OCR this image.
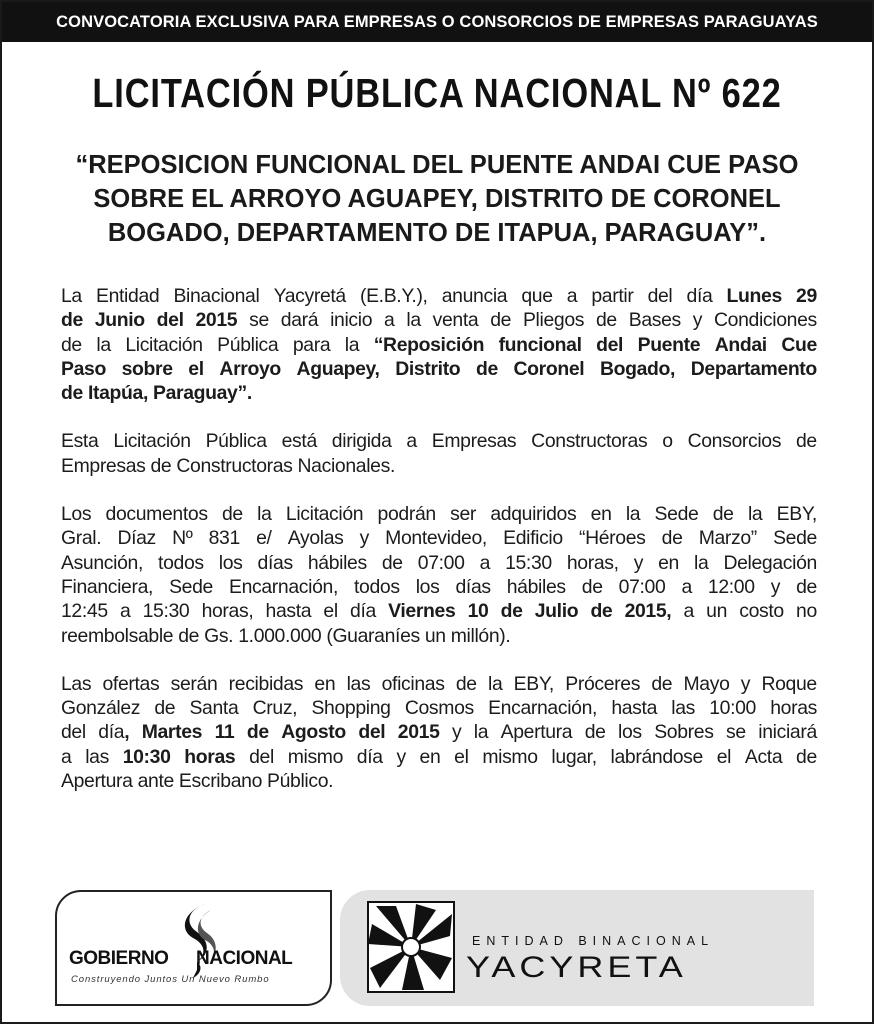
CONVOCATORIA EXCLUSIVA PARA EMPRESAS O CONSORCIOS DE EMPRESAS PARAGUAYAS
LICITACIÓN PÚBLICA NACIONAL Nº 622
“REPOSICION FUNCIONAL DEL PUENTE ANDAI CUE PASO
SOBRE EL ARROYO AGUAPEY, DISTRITO DE CORONEL
BOGADO, DEPARTAMENTO DE ITAPUA, PARAGUAY”.
La Entidad Binacional Yacyretá (E.B.Y.), anuncia que a partir del día Lunes 29
de Junio del 2015 se dará inicio a la venta de Pliegos de Bases y Condiciones
de la Licitación Pública para la “Reposición funcional del Puente Andai Cue
Paso sobre el Arroyo Aguapey, Distrito de Coronel Bogado, Departamento
de Itapúa, Paraguay”.
Esta Licitación Pública está dirigida a Empresas Constructoras o Consorcios de
Empresas de Constructoras Nacionales.
Los documentos de la Licitación podrán ser adquiridos en la Sede de la EBY,
Gral. Díaz Nº 831 e/ Ayolas y Montevideo, Edificio “Héroes de Marzo” Sede
Asunción, todos los días hábiles de 07:00 a 15:30 horas, y en la Delegación
Financiera, Sede Encarnación, todos los días hábiles de 07:00 a 12:00 y de
12:45 a 15:30 horas, hasta el día Viernes 10 de Julio de 2015, a un costo no
reembolsable de Gs. 1.000.000 (Guaraníes un millón).
Las ofertas serán recibidas en las oficinas de la EBY, Próceres de Mayo y Roque
González de Santa Cruz, Shopping Cosmos Encarnación, hasta las 10:00 horas
del día, Martes 11 de Agosto del 2015 y la Apertura de los Sobres se iniciará
a las 10:30 horas del mismo día y en el mismo lugar, labrándose el Acta de
Apertura ante Escribano Público.
GOBIERNO NACIONAL
Construyendo Juntos Un Nuevo Rumbo
ENTIDAD BINACIONAL
YACYRETA
